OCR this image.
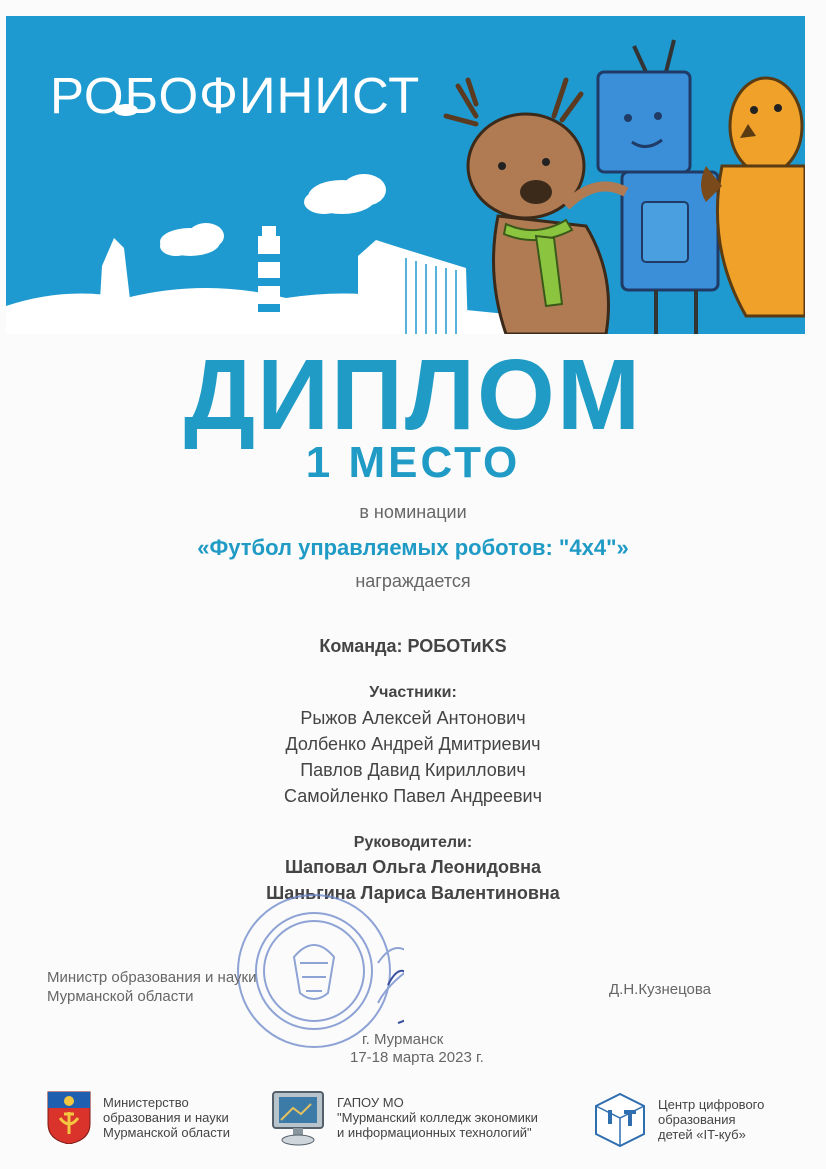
РОБОФИНИСТ
ДИПЛОМ
1 МЕСТО
в номинации
«Футбол управляемых роботов: "4х4"»
награждается
Команда: РОБОТиKS
Участники:
Рыжов Алексей Антонович
Долбенко Андрей Дмитриевич
Павлов Давид Кириллович
Самойленко Павел Андреевич
Руководители:
Шаповал Ольга Леонидовна
Шаньгина Лариса Валентиновна
Министр образования и науки
Мурманской области	Д.Н.Кузнецова
г. Мурманск
17-18 марта 2023 г.
Министерство
образования и науки
Мурманской области
ГАПОУ МО
"Мурманский колледж экономики
и информационных технологий"
Центр цифрового
образования
детей «IT-куб»
